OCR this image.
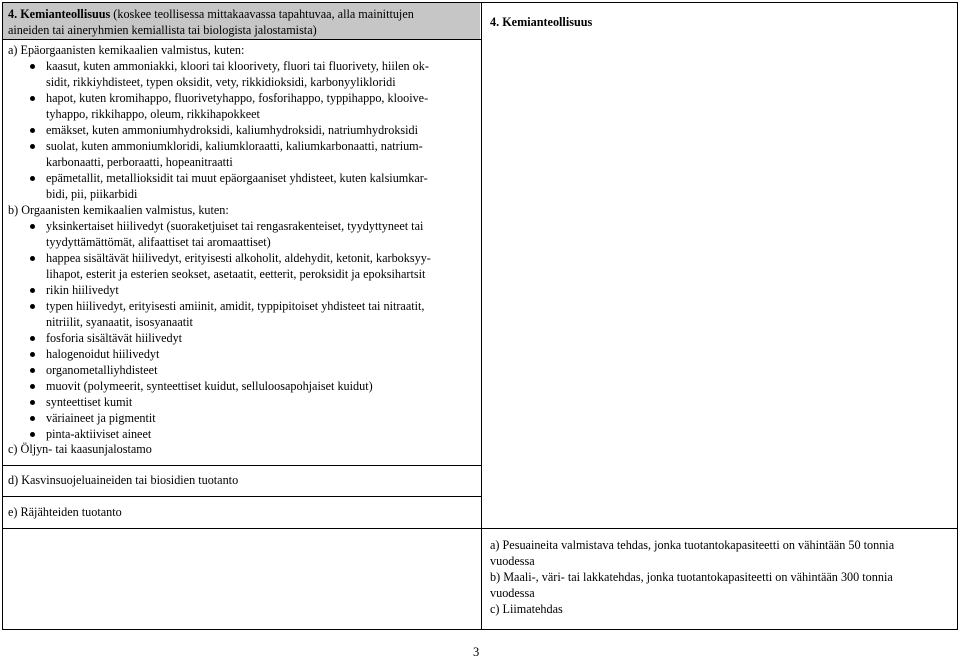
4. Kemianteollisuus (koskee teollisessa mittakaavassa tapahtuvaa, alla mainittujen
aineiden tai aineryhmien kemiallista tai biologista jalostamista)
4. Kemianteollisuus
a) Epäorgaanisten kemikaalien valmistus, kuten:
kaasut, kuten ammoniakki, kloori tai kloorivety, fluori tai fluorivety, hiilen ok-
sidit, rikkiyhdisteet, typen oksidit, vety, rikkidioksidi, karbonyylikloridi
hapot, kuten kromihappo, fluorivetyhappo, fosforihappo, typpihappo, klooive-
tyhappo, rikkihappo, oleum, rikkihapokkeet
emäkset, kuten ammoniumhydroksidi, kaliumhydroksidi, natriumhydroksidi
suolat, kuten ammoniumkloridi, kaliumkloraatti, kaliumkarbonaatti, natrium-
karbonaatti, perboraatti, hopeanitraatti
epämetallit, metallioksidit tai muut epäorgaaniset yhdisteet, kuten kalsiumkar-
bidi, pii, piikarbidi
b) Orgaanisten kemikaalien valmistus, kuten:
yksinkertaiset hiilivedyt (suoraketjuiset tai rengasrakenteiset, tyydyttyneet tai
tyydyttämättömät, alifaattiset tai aromaattiset)
happea sisältävät hiilivedyt, erityisesti alkoholit, aldehydit, ketonit, karboksyy-
lihapot, esterit ja esterien seokset, asetaatit, eetterit, peroksidit ja epoksihartsit
rikin hiilivedyt
typen hiilivedyt, erityisesti amiinit, amidit, typpipitoiset yhdisteet tai nitraatit,
nitriilit, syanaatit, isosyanaatit
fosforia sisältävät hiilivedyt
halogenoidut hiilivedyt
organometalliyhdisteet
muovit (polymeerit, synteettiset kuidut, selluloosapohjaiset kuidut)
synteettiset kumit
väriaineet ja pigmentit
pinta-aktiiviset aineet
c) Öljyn- tai kaasunjalostamo
d) Kasvinsuojeluaineiden tai biosidien tuotanto
e) Räjähteiden tuotanto
a) Pesuaineita valmistava tehdas, jonka tuotantokapasiteetti on vähintään 50 tonnia
vuodessa
b) Maali-, väri- tai lakkatehdas, jonka tuotantokapasiteetti on vähintään 300 tonnia
vuodessa
c) Liimatehdas
3
